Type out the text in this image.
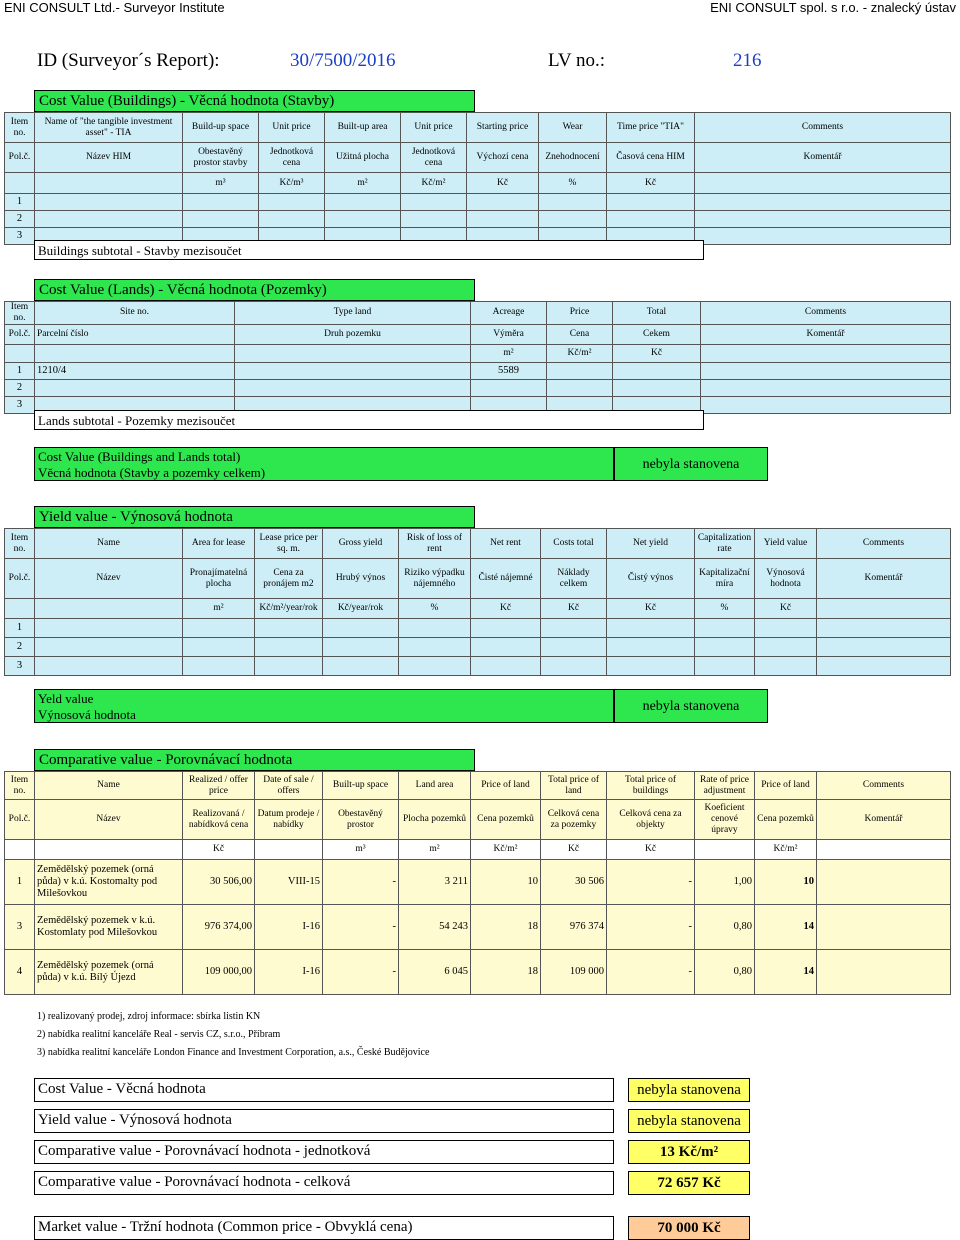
ENI CONSULT Ltd.- Surveyor Institute	ENI CONSULT spol. s r.o. - znalecký ústav
ID (Surveyor´s Report):	30/7500/2016	LV no.:	216
Cost Value (Buildings) - Věcná hodnota (Stavby)
Item no.	Name of "the tangible investment asset" - TIA	Build-up space	Unit price	Built-up area	Unit price	Starting price	Wear	Time price "TIA"	Comments
Pol.č.	Název HIM	Obestavěný prostor stavby	Jednotková cena	Užitná plocha	Jednotková cena	Výchozí cena	Znehodnocení	Časová cena HIM	Komentář
		m³	Kč/m³	m²	Kč/m²	Kč	%	Kč	
1									
2									
3									
Buildings subtotal - Stavby mezisoučet
Cost Value (Lands) - Věcná hodnota (Pozemky)
Item no.	Site no.	Type land	Acreage	Price	Total	Comments
Pol.č.	Parcelní číslo	Druh pozemku	Výměra	Cena	Cekem	Komentář
			m²	Kč/m²	Kč	
1	1210/4		5589			
2						
3						
Lands subtotal - Pozemky mezisoučet
Cost Value (Buildings and Lands total)
Věcná hodnota (Stavby a pozemky celkem)
nebyla stanovena
Yield value - Výnosová hodnota
Item no.	Name	Area for lease	Lease price per sq. m.	Gross yield	Risk of loss of rent	Net rent	Costs total	Net yield	Capitalization rate	Yield value	Comments
Pol.č.	Název	Pronajímatelná plocha	Cena za pronájem m2	Hrubý výnos	Riziko výpadku nájemného	Čisté nájemné	Náklady celkem	Čistý výnos	Kapitalizační míra	Výnosová hodnota	Komentář
		m²	Kč/m²/year/rok	Kč/year/rok	%	Kč	Kč	Kč	%	Kč	
1											
2											
3											
Yeld value
Výnosová hodnota
nebyla stanovena
Comparative value - Porovnávací hodnota
Item no.	Name	Realized / offer price	Date of sale / offers	Built-up space	Land area	Price of land	Total price of land	Total price of buildings	Rate of price adjustment	Price of land	Comments
Pol.č.	Název	Realizovaná / nabídková cena	Datum prodeje / nabídky	Obestavěný prostor	Plocha pozemků	Cena pozemků	Celková cena za pozemky	Celková cena za objekty	Koeficient cenové úpravy	Cena pozemků	Komentář
		Kč		m³	m²	Kč/m²	Kč	Kč		Kč/m²	
1	Zemědělský pozemek (orná půda) v k.ú. Kostomalty pod Milešovkou	30 506,00	VIII-15	-	3 211	10	30 506	-	1,00	10	
3	Zemědělský pozemek v k.ú. Kostomlaty pod Milešovkou	976 374,00	I-16	-	54 243	18	976 374	-	0,80	14	
4	Zemědělský pozemek (orná půda) v k.ú. Bílý Újezd	109 000,00	I-16	-	6 045	18	109 000	-	0,80	14	
1) realizovaný prodej, zdroj informace: sbírka listin KN
2) nabídka realitní kanceláře Real - servis CZ, s.r.o., Příbram
3) nabídka realitní kanceláře London Finance and Investment Corporation, a.s., České Budějovice
Cost Value - Věcná hodnota	nebyla stanovena
Yield value - Výnosová hodnota	nebyla stanovena
Comparative value - Porovnávací hodnota - jednotková	13 Kč/m²
Comparative value - Porovnávací hodnota - celková	72 657 Kč
Market value - Tržní hodnota (Common price - Obvyklá cena)	70 000 Kč
